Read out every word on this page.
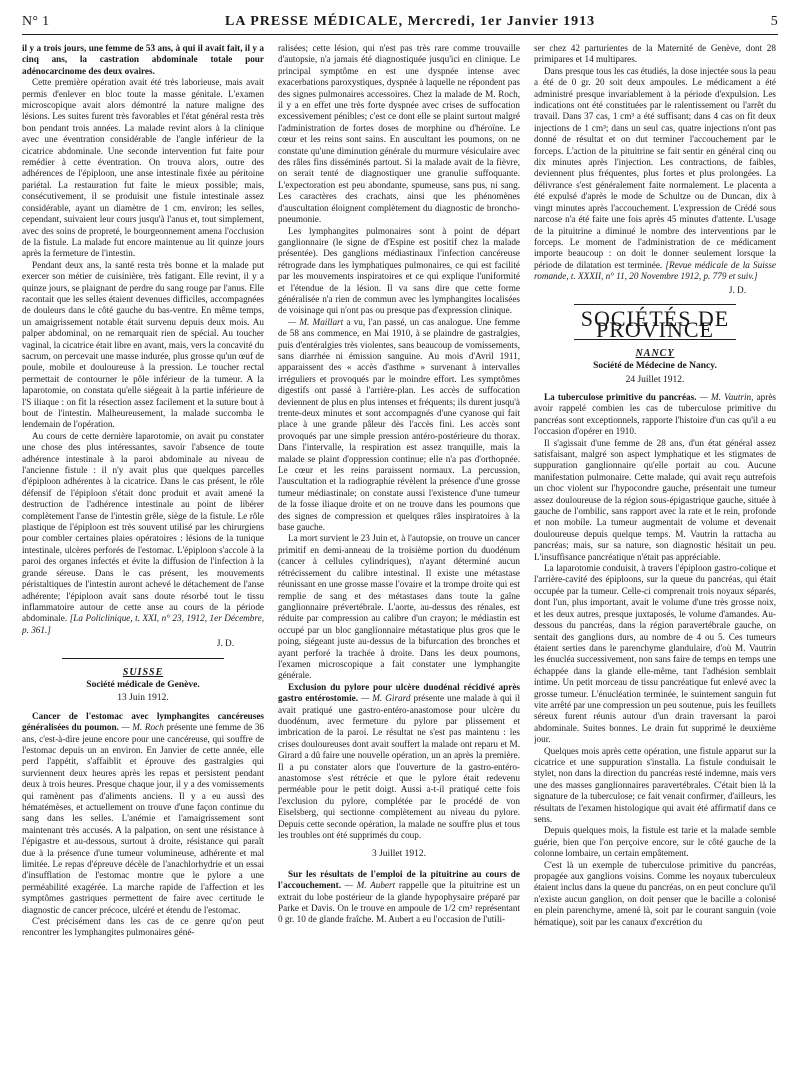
N° 1	LA PRESSE MÉDICALE, Mercredi, 1er Janvier 1913	5

il y a trois jours, une femme de 53 ans, à qui il avait fait, il y a cinq ans, la castration abdominale totale pour adénocarcinome des deux ovaires.

Cette première opération avait été très laborieuse, mais avait permis d'enlever en bloc toute la masse génitale. L'examen microscopique avait alors démontré la nature maligne des lésions. Les suites furent très favorables et l'état général resta très bon pendant trois années. La malade revint alors à la clinique avec une éventration considérable de l'angle inférieur de la cicatrice abdominale. Une seconde intervention fut faite pour remédier à cette éventration. On trouva alors, outre des adhérences de l'épiploon, une anse intestinale fixée au péritoine pariétal. La restauration fut faite le mieux possible; mais, consécutivement, il se produisit une fistule intestinale assez considérable, ayant un diamètre de 1 cm. environ; les selles, cependant, suivaient leur cours jusqu'à l'anus et, tout simplement, avec des soins de propreté, le bourgeonnement amena l'occlusion de la fistule. La malade fut encore maintenue au lit quinze jours après la fermeture de l'intestin.

Pendant deux ans, la santé resta très bonne et la malade put exercer son métier de cuisinière, très fatigant. Elle revint, il y a quinze jours, se plaignant de perdre du sang rouge par l'anus. Elle racontait que les selles étaient devenues difficiles, accompagnées de douleurs dans le côté gauche du bas-ventre. En même temps, un amaigrissement notable était survenu depuis deux mois. Au palper abdominal, on ne remarquait rien de spécial. Au toucher vaginal, la cicatrice était libre en avant, mais, vers la concavité du sacrum, on percevait une masse indurée, plus grosse qu'un œuf de poule, mobile et douloureuse à la pression. Le toucher rectal permettait de contourner le pôle inférieur de la tumeur. A la laparotomie, on constata qu'elle siégeait à la partie inférieure de l'S iliaque : on fit la résection assez facilement et la suture bout à bout de l'intestin. Malheureusement, la malade succomba le lendemain de l'opération.

Au cours de cette dernière laparotomie, on avait pu constater une chose des plus intéressantes, savoir l'absence de toute adhérence intestinale à la paroi abdominale au niveau de l'ancienne fistule : il n'y avait plus que quelques parcelles d'épiploon adhérentes à la cicatrice. Dans le cas présent, le rôle défensif de l'épiploon s'était donc produit et avait amené la destruction de l'adhérence intestinale au point de libérer complètement l'anse de l'intestin grêle, siège de la fistule. Le rôle plastique de l'épiploon est très souvent utilisé par les chirurgiens pour combler certaines plaies opératoires : lésions de la tunique intestinale, ulcères perforés de l'estomac. L'épiploon s'accole à la paroi des organes infectés et évite la diffusion de l'infection à la grande séreuse. Dans le cas présent, les mouvements péristaltiques de l'intestin auront achevé le détachement de l'anse adhérente; l'épiploon avait sans doute résorbé tout le tissu inflammatoire autour de cette anse au cours de la période abdominale. [La Policlinique, t. XXI, n° 23, 1912, 1er Décembre, p. 361.]

J. D.
SUISSE
Société médicale de Genève.
13 Juin 1912.

Cancer de l'estomac avec lymphangites cancéreuses généralisées du poumon. — M. Roch présente une femme de 36 ans, c'est-à-dire jeune encore pour une cancéreuse, qui souffre de l'estomac depuis un an environ. En Janvier de cette année, elle perd l'appétit, s'affaiblit et éprouve des gastralgies qui surviennent deux heures après les repas et persistent pendant deux à trois heures. Presque chaque jour, il y a des vomissements qui ramènent pas d'aliments anciens. Il y a eu aussi des hématémèses, et actuellement on trouve d'une façon continue du sang dans les selles. L'anémie et l'amaigrissement sont maintenant très accusés. A la palpation, on sent une résistance à l'épigastre et au-dessous, surtout à droite, résistance qui paraît due à la présence d'une tumeur volumineuse, adhérente et mal limitée. Le repas d'épreuve décèle de l'anachlorhydrie et un essai d'insufflation de l'estomac montre que le pylore a une perméabilité exagérée. La marche rapide de l'affection et les symptômes gastriques permettent de faire avec certitude le diagnostic de cancer précoce, ulcéré et étendu de l'estomac.

C'est précisément dans les cas de ce genre qu'on peut rencontrer les lymphangites pulmonaires géné-

ralisées; cette lésion, qui n'est pas très rare comme trouvaille d'autopsie, n'a jamais été diagnostiquée jusqu'ici en clinique. Le principal symptôme en est une dyspnée intense avec exacerbations paroxystiques, dyspnée à laquelle ne répondent pas des signes pulmonaires accessoires. Chez la malade de M. Roch, il y a en effet une très forte dyspnée avec crises de suffocation excessivement pénibles; c'est ce dont elle se plaint surtout malgré l'administration de fortes doses de morphine ou d'héroïne. Le cœur et les reins sont sains. En auscultant les poumons, on ne constate qu'une diminution générale du murmure vésiculaire avec des râles fins disséminés partout. Si la malade avait de la fièvre, on serait tenté de diagnostiquer une granulie suffoquante. L'expectoration est peu abondante, spumeuse, sans pus, ni sang. Les caractères des crachats, ainsi que les phénomènes d'auscultation éloignent complètement du diagnostic de broncho-pneumonie.

Les lymphangites pulmonaires sont à point de départ ganglionnaire (le signe de d'Espine est positif chez la malade présentée). Des ganglions médiastinaux l'infection cancéreuse rétrograde dans les lymphatiques pulmonaires, ce qui est facilité par les mouvements inspiratoires et ce qui explique l'uniformité et l'étendue de la lésion. Il va sans dire que cette forme généralisée n'a rien de commun avec les lymphangites localisées de voisinage qui n'ont pas ou presque pas d'expression clinique.

— M. Maillart a vu, l'an passé, un cas analogue. Une femme de 58 ans commence, en Mai 1910, à se plaindre de gastralgies, puis d'entéralgies très violentes, sans beaucoup de vomissements, sans diarrhée ni émission sanguine. Au mois d'Avril 1911, apparaissent des « accès d'asthme » survenant à intervalles irréguliers et provoqués par le moindre effort. Les symptômes digestifs ont passé à l'arrière-plan. Les accès de suffocation deviennent de plus en plus intenses et fréquents; ils durent jusqu'à trente-deux minutes et sont accompagnés d'une cyanose qui fait place à une grande pâleur dès l'accès fini. Les accès sont provoqués par une simple pression antéro-postérieure du thorax. Dans l'intervalle, la respiration est assez tranquille, mais la malade se plaint d'oppression continue; elle n'a pas d'orthopnée. Le cœur et les reins paraissent normaux. La percussion, l'auscultation et la radiographie révèlent la présence d'une grosse tumeur médiastinale; on constate aussi l'existence d'une tumeur de la fosse iliaque droite et on ne trouve dans les poumons que des signes de compression et quelques râles inspiratoires à la base gauche.

La mort survient le 23 Juin et, à l'autopsie, on trouve un cancer primitif en demi-anneau de la troisième portion du duodénum (cancer à cellules cylindriques), n'ayant déterminé aucun rétrécissement du calibre intestinal. Il existe une métastase réunissant en une grosse masse l'ovaire et la trompe droite qui est remplie de sang et des métastases dans toute la gaîne ganglionnaire prévertébrale. L'aorte, au-dessus des rénales, est réduite par compression au calibre d'un crayon; le médiastin est occupé par un bloc ganglionnaire métastatique plus gros que le poing, siégeant juste au-dessus de la bifurcation des bronches et ayant perforé la trachée à droite. Dans les deux poumons, l'examen microscopique a fait constater une lymphangite générale.

Exclusion du pylore pour ulcère duodénal récidivé après gastro entérostomie. — M. Girard présente une malade à qui il avait pratiqué une gastro-entéro-anastomose pour ulcère du duodénum, avec fermeture du pylore par plissement et imbrication de la paroi. Le résultat ne s'est pas maintenu : les crises douloureuses dont avait souffert la malade ont reparu et M. Girard a dû faire une nouvelle opération, un an après la première. Il a pu constater alors que l'ouverture de la gastro-entéro-anastomose s'est rétrécie et que le pylore était redevenu perméable pour le petit doigt. Aussi a-t-il pratiqué cette fois l'exclusion du pylore, complétée par le procédé de von Eiselsberg, qui sectionne complètement au niveau du pylore. Depuis cette seconde opération, la malade ne souffre plus et tous les troubles ont été supprimés du coup.

3 Juillet 1912.

Sur les résultats de l'emploi de la pituitrine au cours de l'accouchement. — M. Aubert rappelle que la pituitrine est un extrait du lobe postérieur de la glande hypophysaire préparé par Parke et Davis. On le trouve en ampoule de 1/2 cm³ représentant 0 gr. 10 de glande fraîche. M. Aubert a eu l'occasion de l'utili-

ser chez 42 parturientes de la Maternité de Genève, dont 28 primipares et 14 multipares.

Dans presque tous les cas étudiés, la dose injectée sous la peau a été de 0 gr. 20 soit deux ampoules. Le médicament a été administré presque invariablement à la période d'expulsion. Les indications ont été constituées par le ralentissement ou l'arrêt du travail. Dans 37 cas, 1 cm³ a été suffisant; dans 4 cas on fit deux injections de 1 cm³; dans un seul cas, quatre injections n'ont pas donné de résultat et on dut terminer l'accouchement par le forceps. L'action de la pituitrine se fait sentir en général cinq ou dix minutes après l'injection. Les contractions, de faibles, deviennent plus fréquentes, plus fortes et plus prolongées. La délivrance s'est généralement faite normalement. Le placenta a été expulsé d'après le mode de Schultze ou de Duncan, dix à vingt minutes après l'accouchement. L'expression de Crédé sous narcose n'a été faite une fois après 45 minutes d'attente. L'usage de la pituitrine a diminué le nombre des interventions par le forceps. Le moment de l'administration de ce médicament importe beaucoup : on doit le donner seulement lorsque la période de dilatation est terminée. [Revue médicale de la Suisse romande, t. XXXII, n° 11, 20 Novembre 1912, p. 779 et suiv.]

J. D.
SOCIÉTÉS DE PROVINCE
NANCY
Société de Médecine de Nancy.
24 Juillet 1912.

La tuberculose primitive du pancréas. — M. Vautrin, après avoir rappelé combien les cas de tuberculose primitive du pancréas sont exceptionnels, rapporte l'histoire d'un cas qu'il a eu l'occasion d'opérer en 1910.

Il s'agissait d'une femme de 28 ans, d'un état général assez satisfaisant, malgré son aspect lymphatique et les stigmates de suppuration ganglionnaire qu'elle portait au cou. Aucune manifestation pulmonaire. Cette malade, qui avait reçu autrefois un choc violent sur l'hypocondre gauche, présentait une tumeur assez douloureuse de la région sous-épigastrique gauche, située à gauche de l'ombilic, sans rapport avec la rate et le rein, profonde et non mobile. La tumeur augmentait de volume et devenait douloureuse depuis quelque temps. M. Vautrin la rattacha au pancréas; mais, sur sa nature, son diagnostic hésitait un peu. L'insuffisance pancréatique n'était pas appréciable.

La laparotomie conduisit, à travers l'épiploon gastro-colique et l'arrière-cavité des épiploons, sur la queue du pancréas, qui était occupée par la tumeur. Celle-ci comprenait trois noyaux séparés, dont l'un, plus important, avait le volume d'une très grosse noix, et les deux autres, presque juxtaposés, le volume d'amandes. Au-dessous du pancréas, dans la région paravertébrale gauche, on sentait des ganglions durs, au nombre de 4 ou 5. Ces tumeurs étaient serties dans le parenchyme glandulaire, d'où M. Vautrin les énucléa successivement, non sans faire de temps en temps une échappée dans la glande elle-même, tant l'adhésion semblait intime. Un petit morceau de tissu pancréatique fut enlevé avec la grosse tumeur. L'énucléation terminée, le suintement sanguin fut vite arrêté par une compression un peu soutenue, puis les feuillets séreux furent réunis autour d'un drain traversant la paroi abdominale. Suites bonnes. Le drain fut supprimé le deuxième jour.

Quelques mois après cette opération, une fistule apparut sur la cicatrice et une suppuration s'installa. La fistule conduisait le stylet, non dans la direction du pancréas resté indemne, mais vers une des masses ganglionnaires paravertébrales. C'était bien là la signature de la tuberculose; ce fait venait confirmer, d'ailleurs, les résultats de l'examen histologique qui avait été affirmatif dans ce sens.

Depuis quelques mois, la fistule est tarie et la malade semble guérie, bien que l'on perçoive encore, sur le côté gauche de la colonne lombaire, un certain empâtement.

C'est là un exemple de tuberculose primitive du pancréas, propagée aux ganglions voisins. Comme les noyaux tuberculeux étaient inclus dans la queue du pancréas, on en peut conclure qu'il n'existe aucun ganglion, on doit penser que le bacille a colonisé en plein parenchyme, amené là, soit par le courant sanguin (voie hématique), soit par les canaux d'excrétion du
